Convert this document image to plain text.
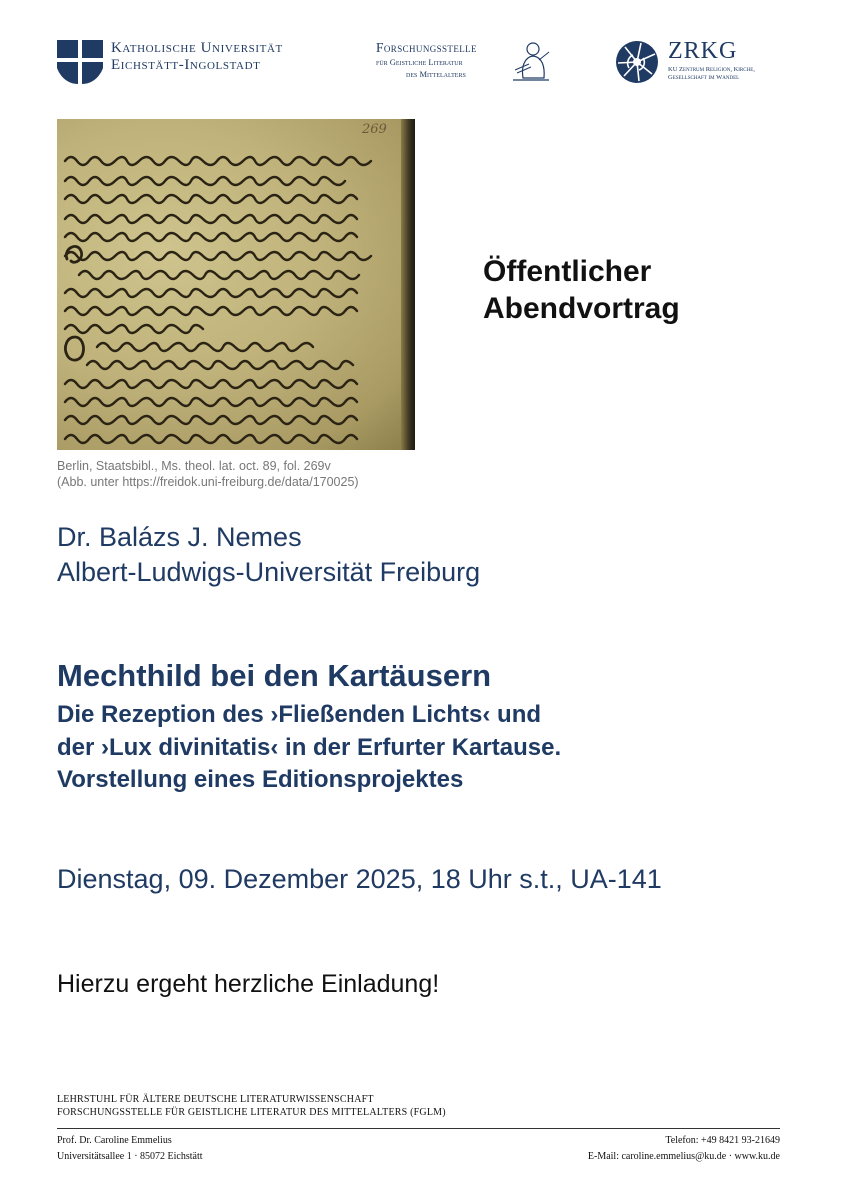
Katholische Universität
Eichstätt-Ingolstadt
Forschungsstelle
für Geistliche Literatur
des Mittelalters
ZRKG
KU Zentrum Religion, Kirche,
Gesellschaft im Wandel
269
Berlin, Staatsbibl., Ms. theol. lat. oct. 89, fol. 269v
(Abb. unter https://freidok.uni-freiburg.de/data/170025)
Öffentlicher
Abendvortrag
Dr. Balázs J. Nemes
Albert-Ludwigs-Universität Freiburg
Mechthild bei den Kartäusern
Die Rezeption des ›Fließenden Lichts‹ und
der ›Lux divinitatis‹ in der Erfurter Kartause.
Vorstellung eines Editionsprojektes
Dienstag, 09. Dezember 2025, 18 Uhr s.t., UA-141
Hierzu ergeht herzliche Einladung!
LEHRSTUHL FÜR ÄLTERE DEUTSCHE LITERATURWISSENSCHAFT
FORSCHUNGSSTELLE FÜR GEISTLICHE LITERATUR DES MITTELALTERS (FGLM)
Prof. Dr. Caroline Emmelius
Universitätsallee 1 · 85072 Eichstätt
Telefon: +49 8421 93-21649
E-Mail: caroline.emmelius@ku.de · www.ku.de
